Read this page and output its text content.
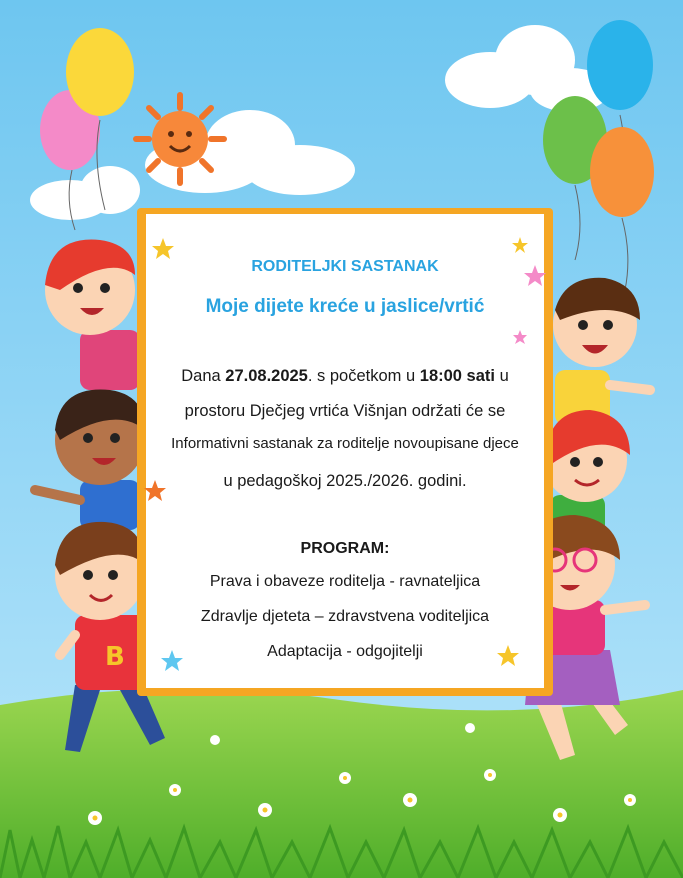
B

RODITELJKI SASTANAK

Moje dijete kreće u jaslice/vrtić

Dana 27.08.2025. s početkom u 18:00 sati u

prostoru Dječjeg vrtića Višnjan održati će se

Informativni sastanak za roditelje novoupisane djece

u pedagoškoj 2025./2026. godini.

PROGRAM:

Prava i obaveze roditelja - ravnateljica

Zdravlje djeteta – zdravstvena voditeljica

Adaptacija - odgojitelji
